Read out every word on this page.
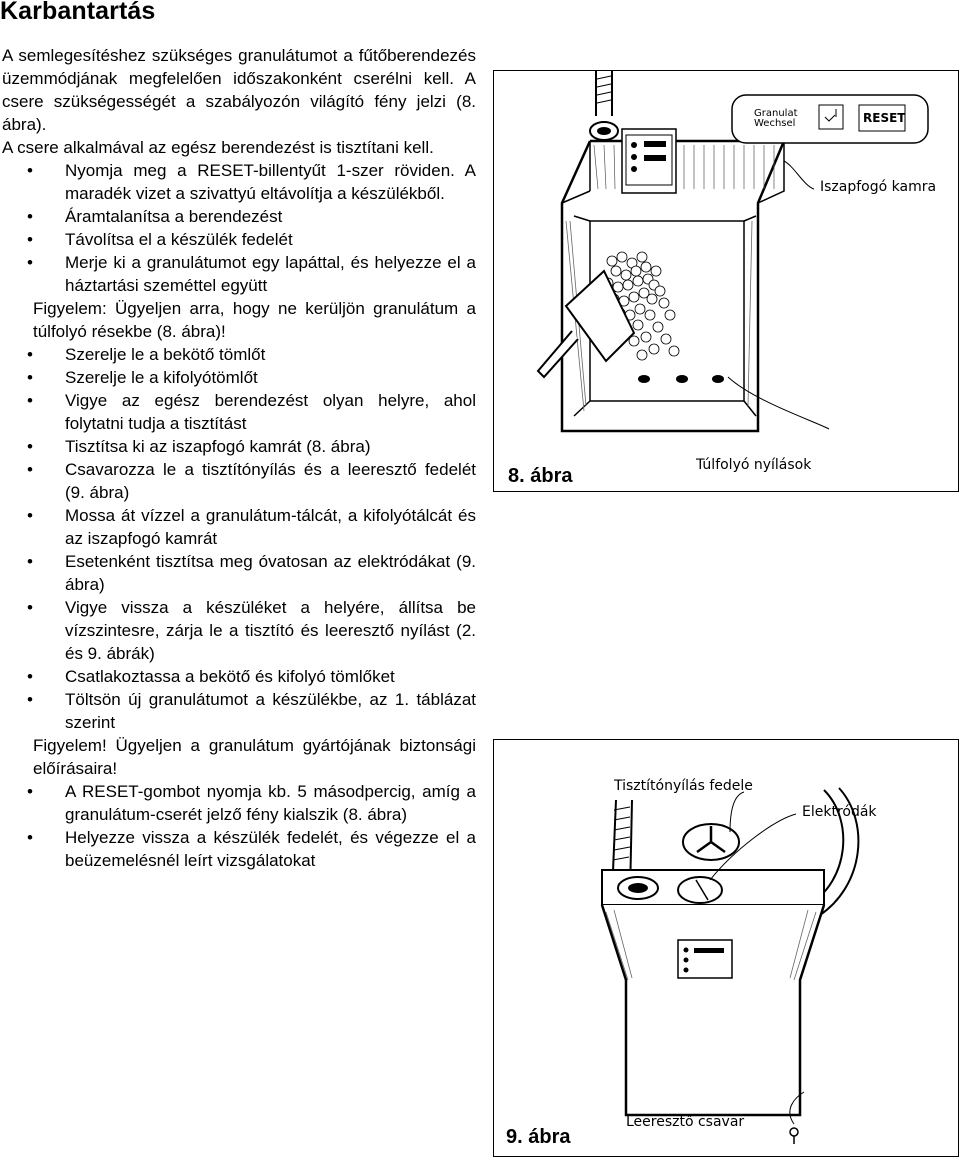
Karbantartás

A semlegesítéshez szükséges granulátumot a fűtőberendezés üzemmódjának megfelelően időszakonként cserélni kell. A csere szükségességét a szabályozón világító fény jelzi (8. ábra).

A csere alkalmával az egész berendezést is tisztítani kell.

• Nyomja meg a RESET-billentyűt 1-szer röviden. A maradék vizet a szivattyú eltávolítja a készülékből.
• Áramtalanítsa a berendezést
• Távolítsa el a készülék fedelét
• Merje ki a granulátumot egy lapáttal, és helyezze el a háztartási szeméttel együtt

Figyelem: Ügyeljen arra, hogy ne kerüljön granulátum a túlfolyó résekbe (8. ábra)!

• Szerelje le a bekötő tömlőt
• Szerelje le a kifolyótömlőt
• Vigye az egész berendezést olyan helyre, ahol folytatni tudja a tisztítást
• Tisztítsa ki az iszapfogó kamrát (8. ábra)
• Csavarozza le a tisztítónyílás és a leeresztő fedelét (9. ábra)
• Mossa át vízzel a granulátum-tálcát, a kifolyótálcát és az iszapfogó kamrát
• Esetenként tisztítsa meg óvatosan az elektródákat (9. ábra)
• Vigye vissza a készüléket a helyére, állítsa be vízszintesre, zárja le a tisztító és leeresztő nyílást (2. és 9. ábrák)
• Csatlakoztassa a bekötő és kifolyó tömlőket
• Töltsön új granulátumot a készülékbe, az 1. táblázat szerint

Figyelem! Ügyeljen a granulátum gyártójának biztonsági előírásaira!

• A RESET-gombot nyomja kb. 5 másodpercig, amíg a granulátum-cserét jelző fény kialszik (8. ábra)
• Helyezze vissza a készülék fedelét, és végezze el a beüzemelésnél leírt vizsgálatokat
Granulat
Wechsel	RESET
Iszapfogó kamra
Túlfolyó nyílások
8. ábra
Tisztítónyílás fedele
Elektródák
Leeresztő csavar
9. ábra
